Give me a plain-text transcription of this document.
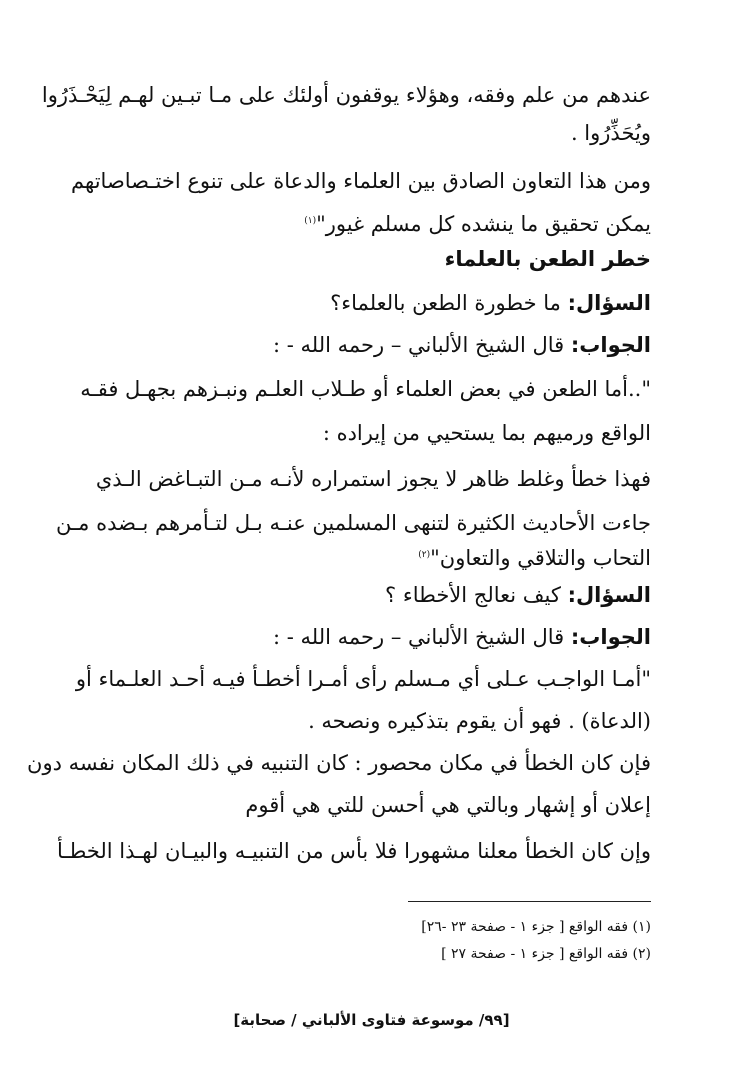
عندهم من علم وفقه، وهؤلاء يوقفون أولئك على مـا تبـين لهـم لِيَحْـذَرُوا
ويُحَذِّرُوا .
ومن هذا التعاون الصادق بين العلماء والدعاة على تنوع اختـصاصاتهم
يمكن تحقيق ما ينشده كل مسلم غيور"$^{(١)}$
خطر الطعن بالعلماء
السؤال: ما خطورة الطعن بالعلماء؟
الجواب: قال الشيخ الألباني – رحمه الله - :
"..أما الطعن في بعض العلماء أو طـلاب العلـم ونبـزهم بجهـل فقـه
الواقع ورميهم بما يستحيي من إيراده :
فهذا خطأ وغلط ظاهر لا يجوز استمراره لأنـه مـن التبـاغض الـذي
جاءت الأحاديث الكثيرة لتنهى المسلمين عنـه بـل لتـأمرهم بـضده مـن
التحاب والتلاقي والتعاون"$^{(٢)}$
السؤال: كيف نعالج الأخطاء ؟
الجواب: قال الشيخ الألباني – رحمه الله - :
"أمـا الواجـب عـلى أي مـسلم رأى أمـرا أخطـأ فيـه أحـد العلـماء أو
(الدعاة) . فهو أن يقوم بتذكيره ونصحه .
فإن كان الخطأ في مكان محصور : كان التنبيه في ذلك المكان نفسه دون
إعلان أو إشهار وبالتي هي أحسن للتي هي أقوم
وإن كان الخطأ معلنا مشهورا فلا بأس من التنبيـه والبيـان لهـذا الخطـأ
(١) فقه الواقع [ جزء ١ - صفحة ٢٣ -٢٦]
(٢) فقه الواقع [ جزء ١ - صفحة ٢٧ ]
[٩٩/ موسوعة فتاوى الألباني / صحابة]
